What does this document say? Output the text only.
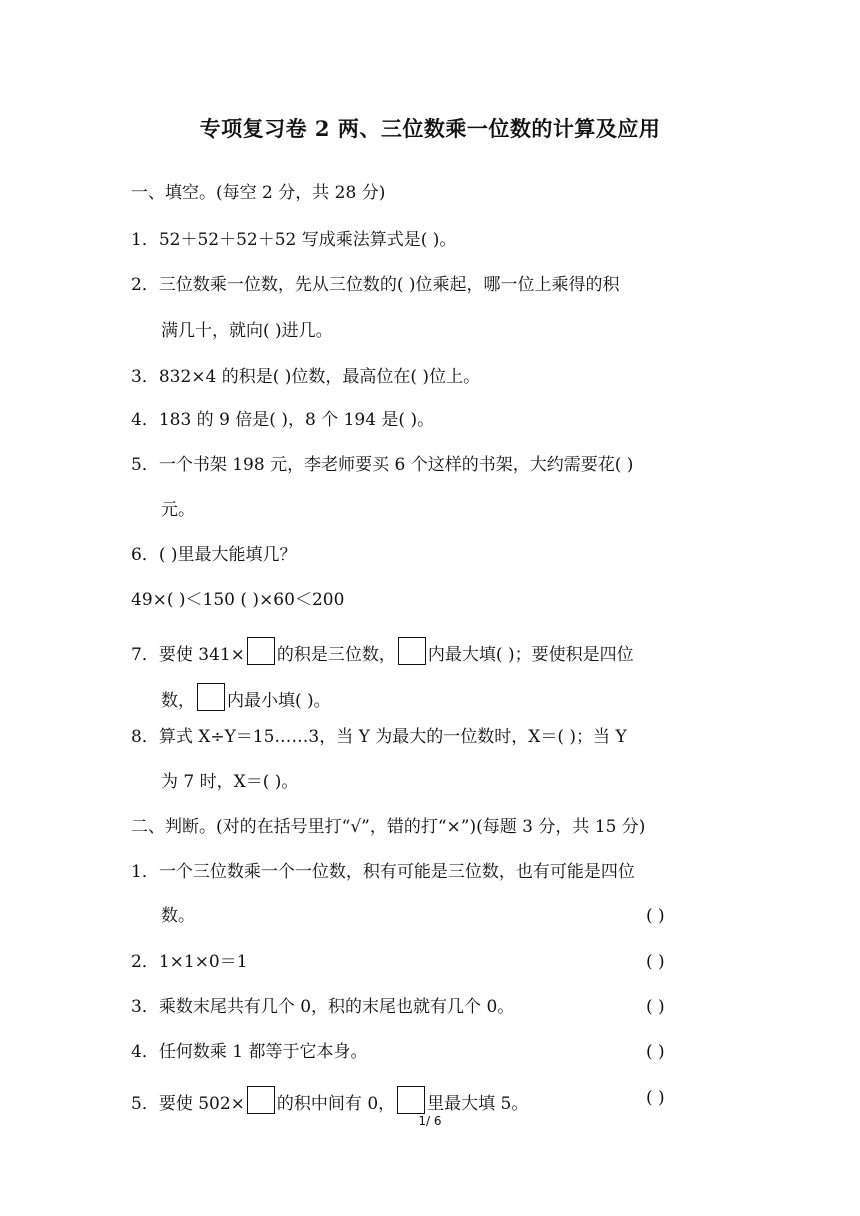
专项复习卷 2 两、三位数乘一位数的计算及应用
一、填空。(每空 2 分，共 28 分)
1．52＋52＋52＋52 写成乘法算式是( )。
2．三位数乘一位数，先从三位数的( )位乘起，哪一位上乘得的积
满几十，就向( )进几。
3．832×4 的积是( )位数，最高位在( )位上。
4．183 的 9 倍是( )，8 个 194 是( )。
5．一个书架 198 元，李老师要买 6 个这样的书架，大约需要花( )
元。
6．( )里最大能填几？
49×( )＜150 ( )×60＜200
7．要使 341× 的积是三位数， 内最大填( )；要使积是四位
数， 内最小填( )。
8．算式 X÷Y＝15……3，当 Y 为最大的一位数时，X＝( )；当 Y
为 7 时，X＝( )。
二、判断。(对的在括号里打“√”，错的打“×”)(每题 3 分，共 15 分)
1．一个三位数乘一个一位数，积有可能是三位数，也有可能是四位
数。	( )
2．1×1×0＝1	( )
3．乘数末尾共有几个 0，积的末尾也就有几个 0。	( )
4．任何数乘 1 都等于它本身。	( )
5．要使 502× 的积中间有 0， 里最大填 5。	( )
1/ 6
